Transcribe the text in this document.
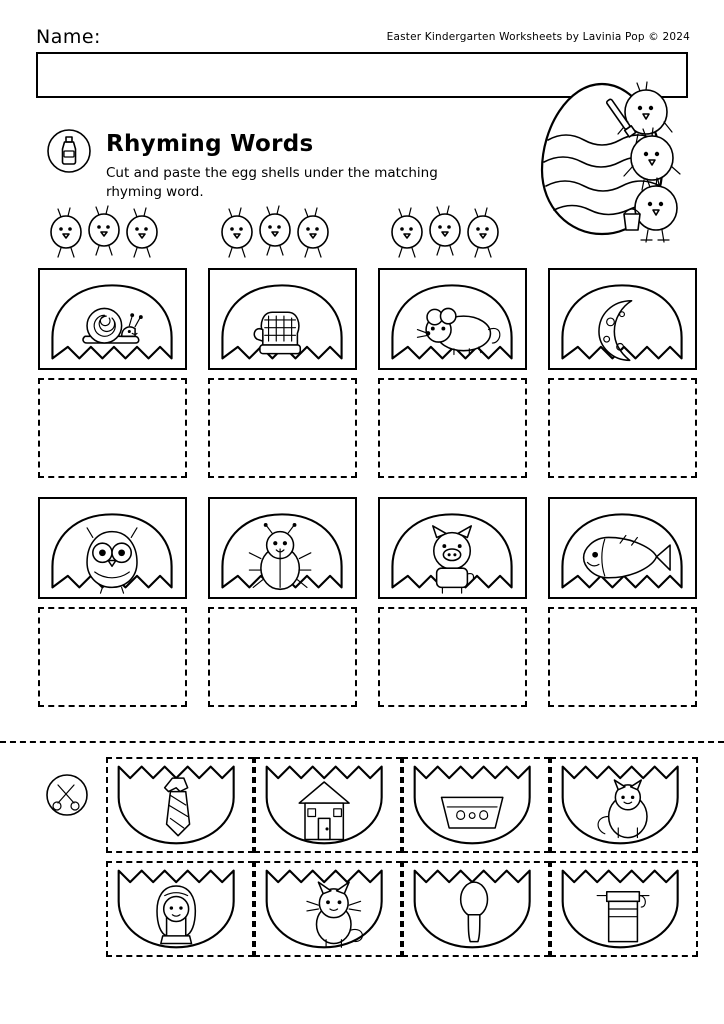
Name:	Easter Kindergarten Worksheets by Lavinia Pop © 2024
Rhyming Words
Cut and paste the egg shells under the matching rhyming word.
